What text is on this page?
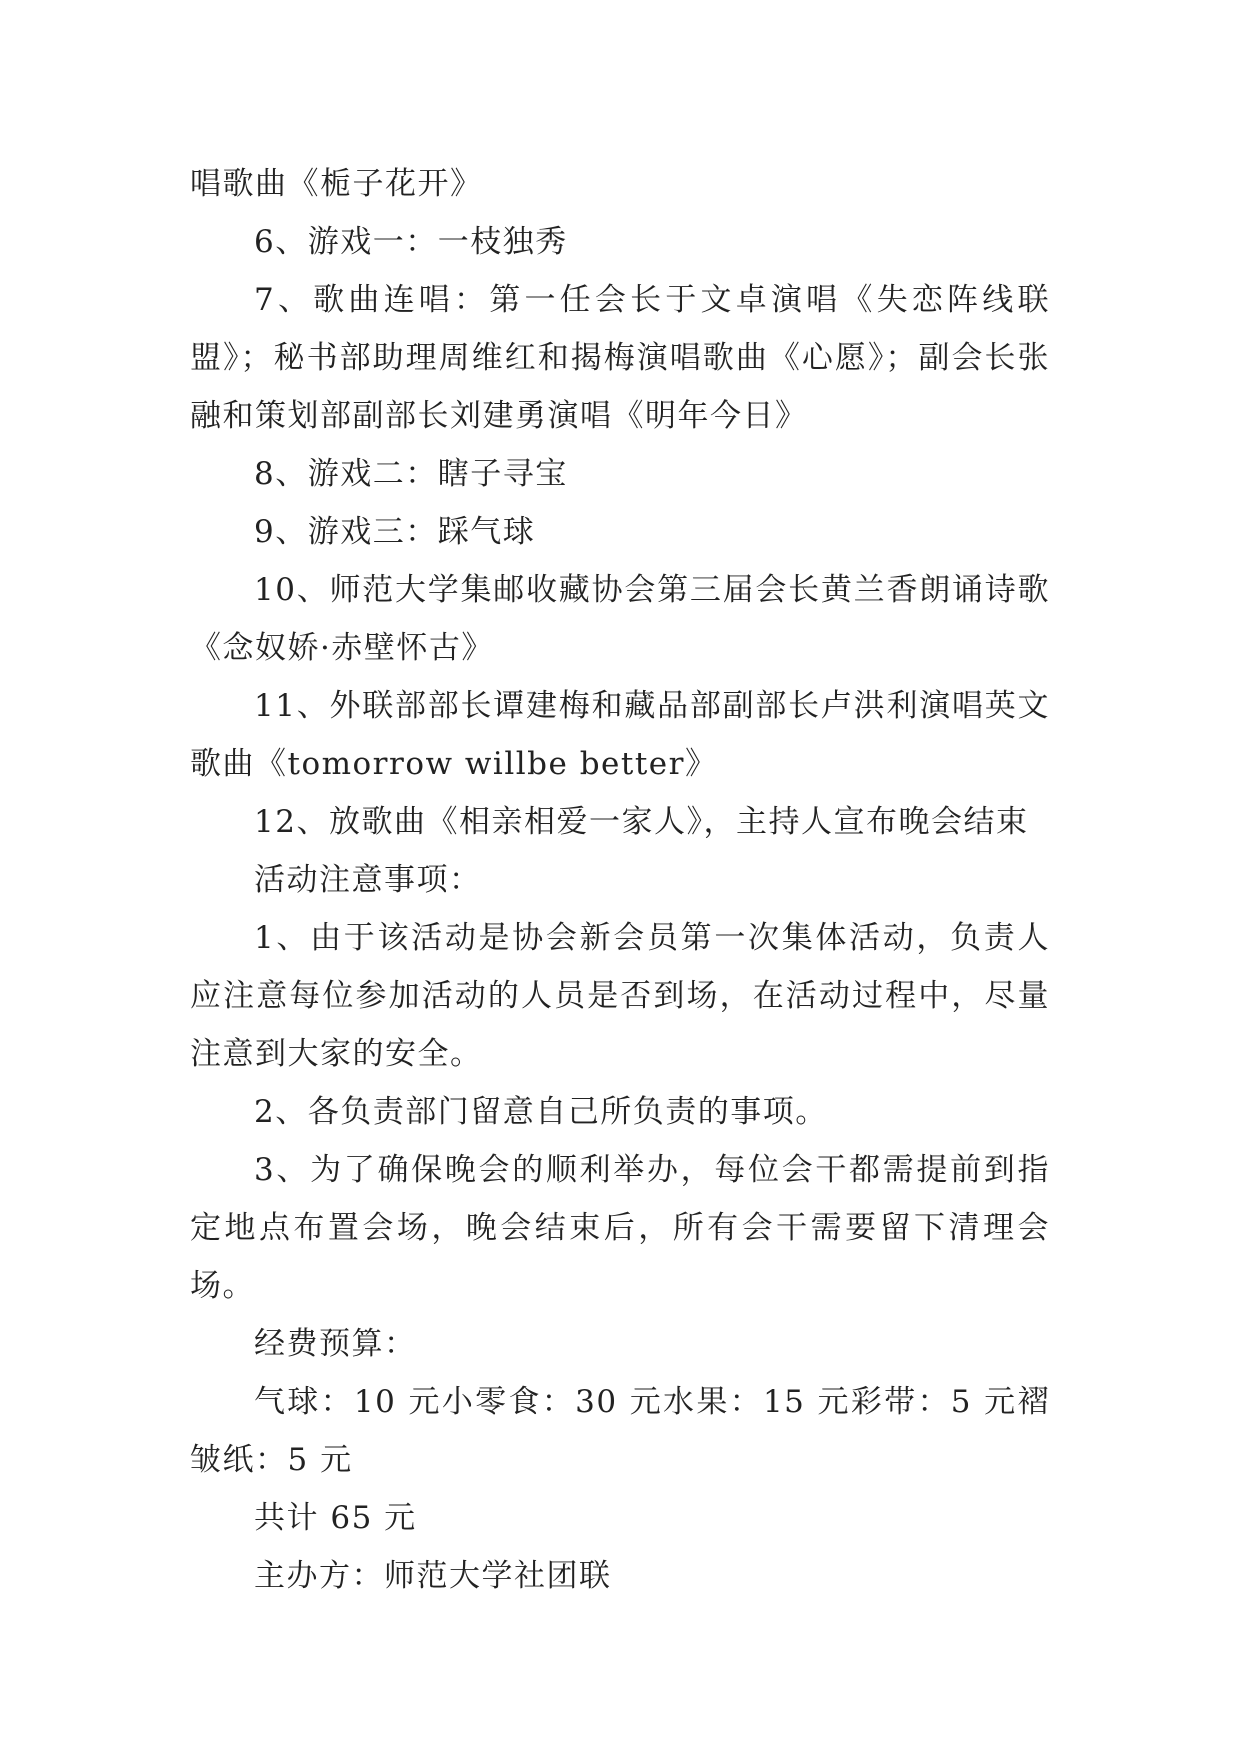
唱歌曲《栀子花开》

6、游戏一：一枝独秀

7、歌曲连唱：第一任会长于文卓演唱《失恋阵线联盟》；秘书部助理周维红和揭梅演唱歌曲《心愿》；副会长张融和策划部副部长刘建勇演唱《明年今日》

8、游戏二：瞎子寻宝

9、游戏三：踩气球

10、师范大学集邮收藏协会第三届会长黄兰香朗诵诗歌《念奴娇·赤壁怀古》

11、外联部部长谭建梅和藏品部副部长卢洪利演唱英文歌曲《tomorrow willbe better》

12、放歌曲《相亲相爱一家人》，主持人宣布晚会结束

活动注意事项：

1、由于该活动是协会新会员第一次集体活动，负责人应注意每位参加活动的人员是否到场，在活动过程中，尽量注意到大家的安全。

2、各负责部门留意自己所负责的事项。

3、为了确保晚会的顺利举办，每位会干都需提前到指定地点布置会场，晚会结束后，所有会干需要留下清理会场。

经费预算：

气球：10 元小零食：30 元水果：15 元彩带：5 元褶皱纸：5 元

共计 65 元

主办方：师范大学社团联
